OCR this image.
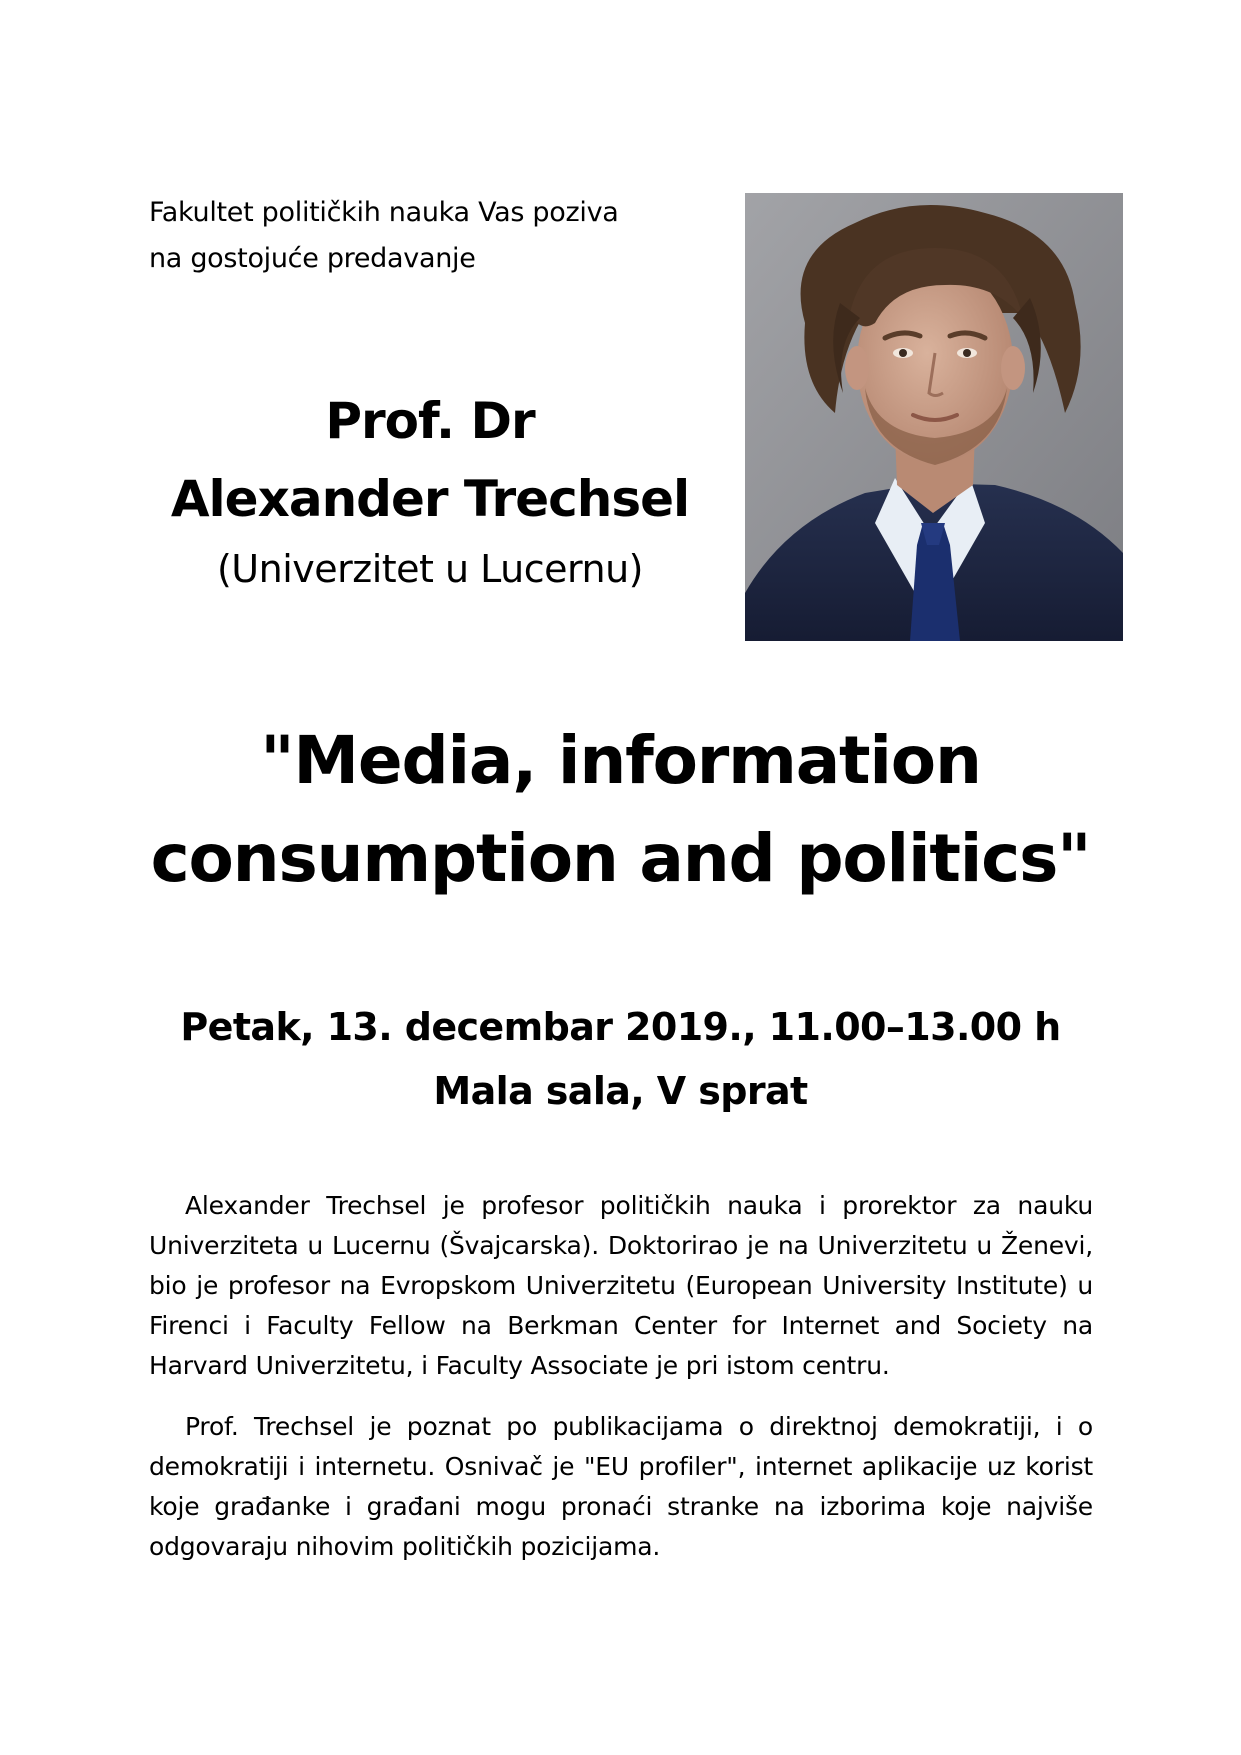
Fakultet političkih nauka Vas poziva
na gostojuće predavanje
Prof. Dr
Alexander Trechsel
(Univerzitet u Lucernu)
"Media, information
consumption and politics"
Petak, 13. decembar 2019., 11.00–13.00 h
Mala sala, V sprat

Alexander Trechsel je profesor političkih nauka i prorektor za nauku Univerziteta u Lucernu (Švajcarska). Doktorirao je na Univerzitetu u Ženevi, bio je profesor na Evropskom Univerzitetu (European University Institute) u Firenci i Faculty Fellow na Berkman Center for Internet and Society na Harvard Univerzitetu, i Faculty Associate je pri istom centru.

Prof. Trechsel je poznat po publikacijama o direktnoj demokratiji, i o demokratiji i internetu. Osnivač je "EU profiler", internet aplikacije uz korist koje građanke i građani mogu pronaći stranke na izborima koje najviše odgovaraju nihovim političkih pozicijama.
